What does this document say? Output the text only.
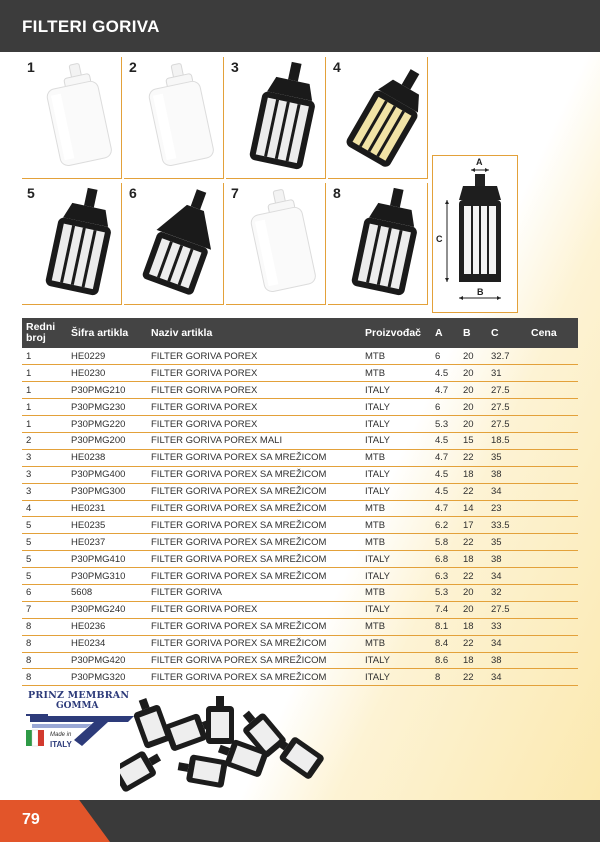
FILTERI GORIVA
1	2	3	4
5	6	7	8
A
C
B
Redni broj	Šifra artikla	Naziv artikla	Proizvođač	A	B	C	Cena
1	HE0229	FILTER GORIVA POREX	MTB	6	20	32.7	
1	HE0230	FILTER GORIVA POREX	MTB	4.5	20	31	
1	P30PMG210	FILTER GORIVA POREX	ITALY	4.7	20	27.5	
1	P30PMG230	FILTER GORIVA POREX	ITALY	6	20	27.5	
1	P30PMG220	FILTER GORIVA POREX	ITALY	5.3	20	27.5	
2	P30PMG200	FILTER GORIVA POREX MALI	ITALY	4.5	15	18.5	
3	HE0238	FILTER GORIVA POREX SA MREŽICOM	MTB	4.7	22	35	
3	P30PMG400	FILTER GORIVA POREX SA MREŽICOM	ITALY	4.5	18	38	
3	P30PMG300	FILTER GORIVA POREX SA MREŽICOM	ITALY	4.5	22	34	
4	HE0231	FILTER GORIVA POREX SA MREŽICOM	MTB	4.7	14	23	
5	HE0235	FILTER GORIVA POREX SA MREŽICOM	MTB	6.2	17	33.5	
5	HE0237	FILTER GORIVA POREX SA MREŽICOM	MTB	5.8	22	35	
5	P30PMG410	FILTER GORIVA POREX SA MREŽICOM	ITALY	6.8	18	38	
5	P30PMG310	FILTER GORIVA POREX SA MREŽICOM	ITALY	6.3	22	34	
6	5608	FILTER GORIVA	MTB	5.3	20	32	
7	P30PMG240	FILTER GORIVA POREX	ITALY	7.4	20	27.5	
8	HE0236	FILTER GORIVA POREX SA MREŽICOM	MTB	8.1	18	33	
8	HE0234	FILTER GORIVA POREX SA MREŽICOM	MTB	8.4	22	34	
8	P30PMG420	FILTER GORIVA POREX SA MREŽICOM	ITALY	8.6	18	38	
8	P30PMG320	FILTER GORIVA POREX SA MREŽICOM	ITALY	8	22	34	
PRINZ MEMBRAN
GOMMA
Made in
ITALY
79
